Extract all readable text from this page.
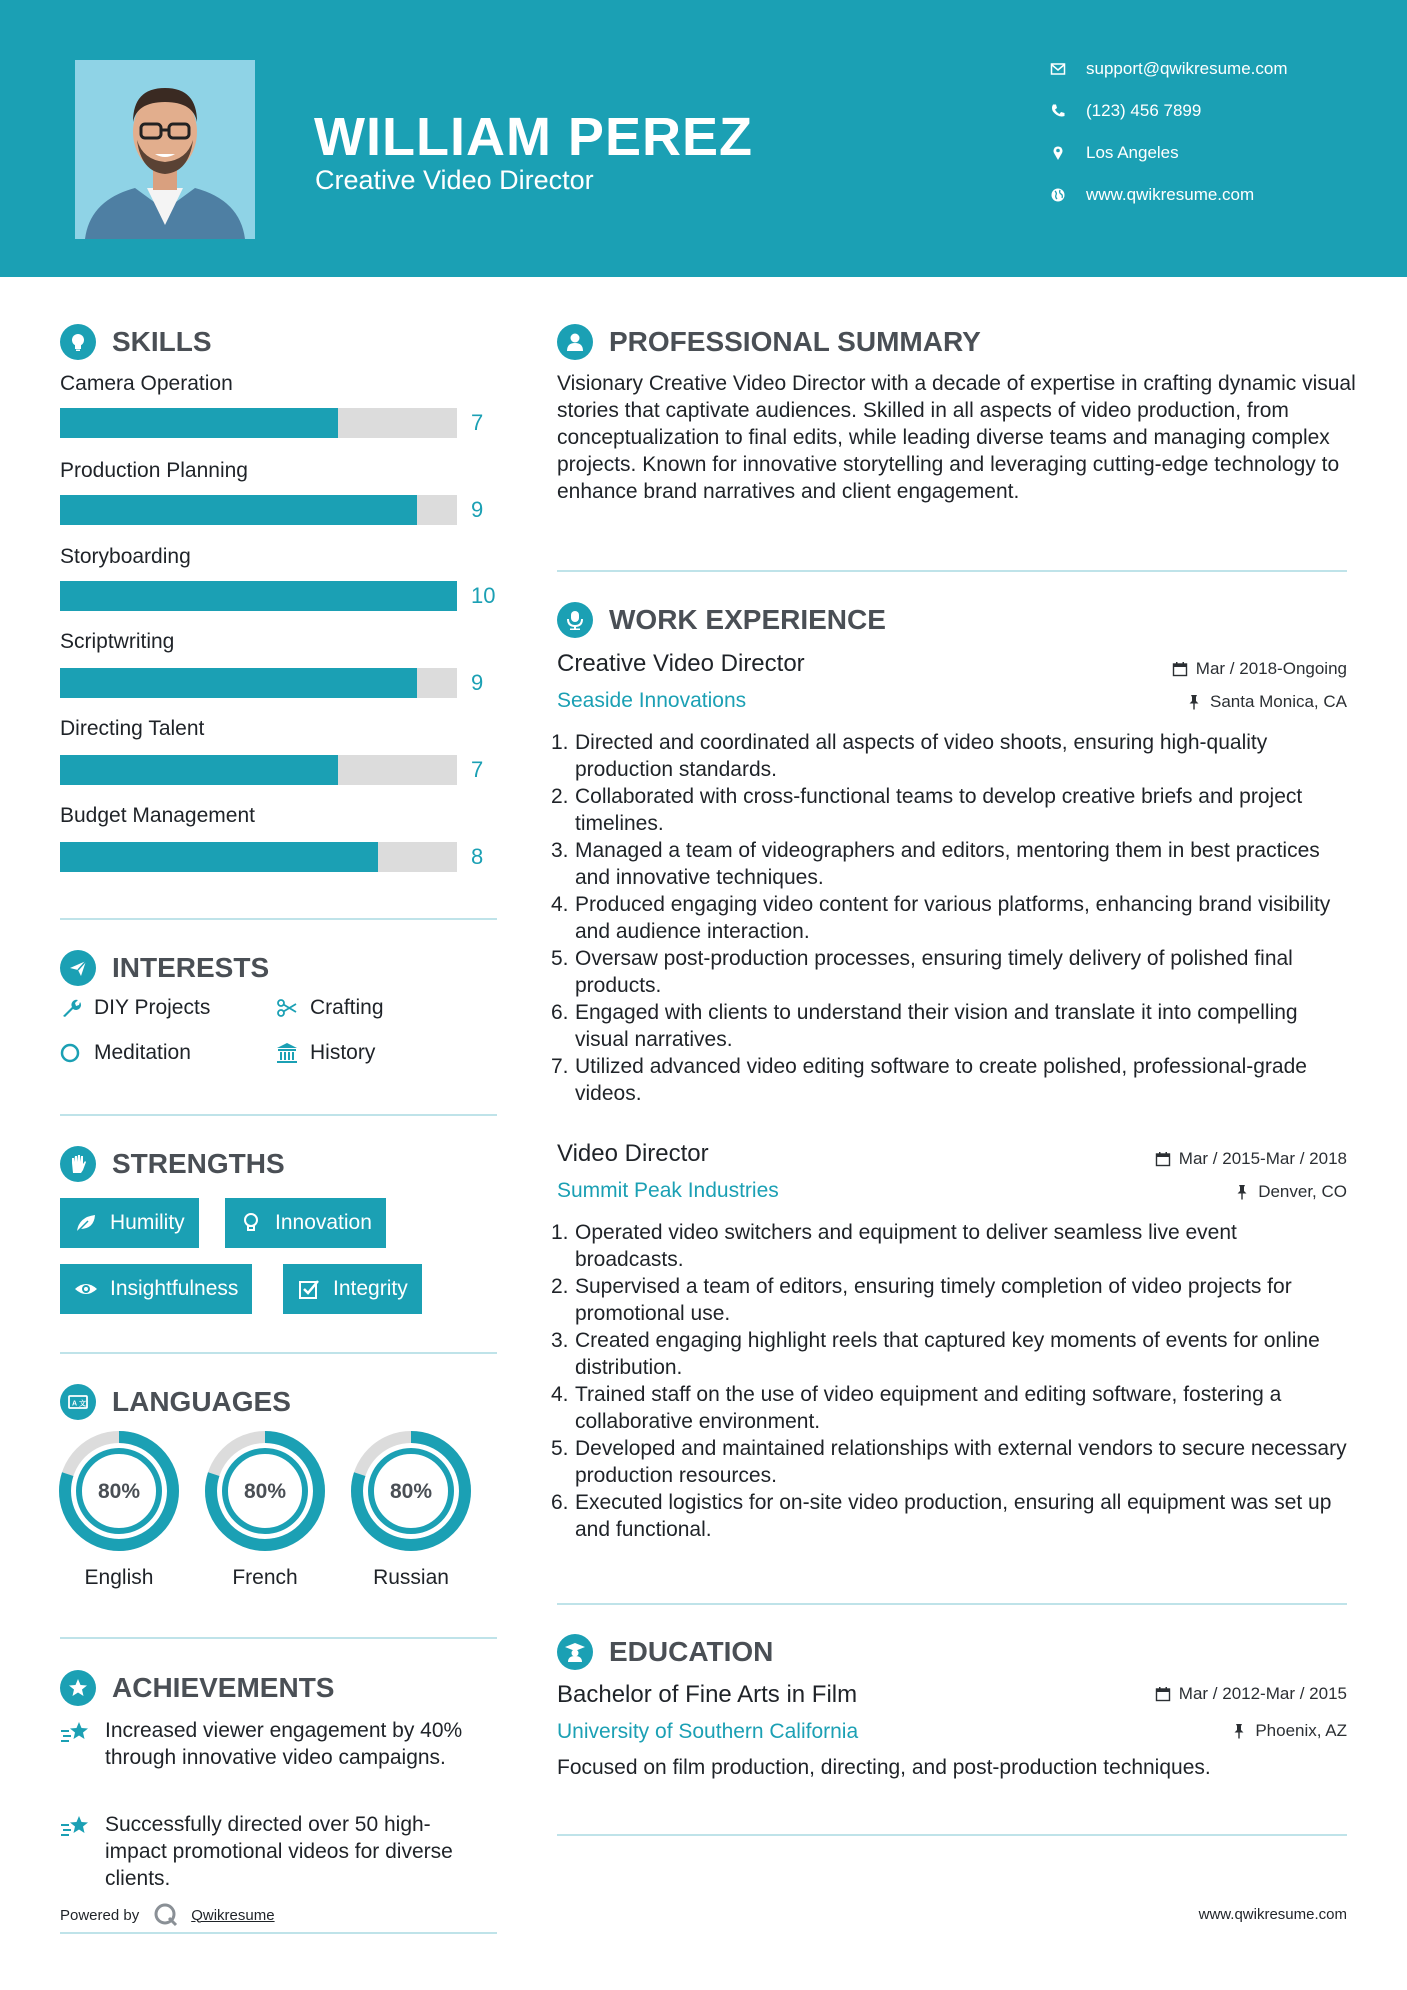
WILLIAM PEREZ
Creative Video Director
support@qwikresume.com
(123) 456 7899
Los Angeles
www.qwikresume.com
SKILLS
Camera Operation
7
Production Planning
9
Storyboarding
10
Scriptwriting
9
Directing Talent
7
Budget Management
8
INTERESTS
DIY Projects	Crafting
Meditation	History
STRENGTHS
Humility	Innovation
Insightfulness	Integrity
A 文 LANGUAGES
80%
English
80%
French
80%
Russian
ACHIEVEMENTS
Increased viewer engagement by 40% through innovative video campaigns.
Successfully directed over 50 high-impact promotional videos for diverse clients.
PROFESSIONAL SUMMARY
Visionary Creative Video Director with a decade of expertise in crafting dynamic visual stories that captivate audiences. Skilled in all aspects of video production, from conceptualization to final edits, while leading diverse teams and managing complex projects. Known for innovative storytelling and leveraging cutting-edge technology to enhance brand narratives and client engagement.
WORK EXPERIENCE
Creative Video Director	Mar / 2018-Ongoing
Seaside Innovations	Santa Monica, CA
1. Directed and coordinated all aspects of video shoots, ensuring high-quality production standards.
2. Collaborated with cross-functional teams to develop creative briefs and project timelines.
3. Managed a team of videographers and editors, mentoring them in best practices and innovative techniques.
4. Produced engaging video content for various platforms, enhancing brand visibility and audience interaction.
5. Oversaw post-production processes, ensuring timely delivery of polished final products.
6. Engaged with clients to understand their vision and translate it into compelling visual narratives.
7. Utilized advanced video editing software to create polished, professional-grade videos.
Video Director	Mar / 2015-Mar / 2018
Summit Peak Industries	Denver, CO
1. Operated video switchers and equipment to deliver seamless live event broadcasts.
2. Supervised a team of editors, ensuring timely completion of video projects for promotional use.
3. Created engaging highlight reels that captured key moments of events for online distribution.
4. Trained staff on the use of video equipment and editing software, fostering a collaborative environment.
5. Developed and maintained relationships with external vendors to secure necessary production resources.
6. Executed logistics for on-site video production, ensuring all equipment was set up and functional.
EDUCATION
Bachelor of Fine Arts in Film	Mar / 2012-Mar / 2015
University of Southern California	Phoenix, AZ
Focused on film production, directing, and post-production techniques.
Powered by	Qwikresume	www.qwikresume.com
